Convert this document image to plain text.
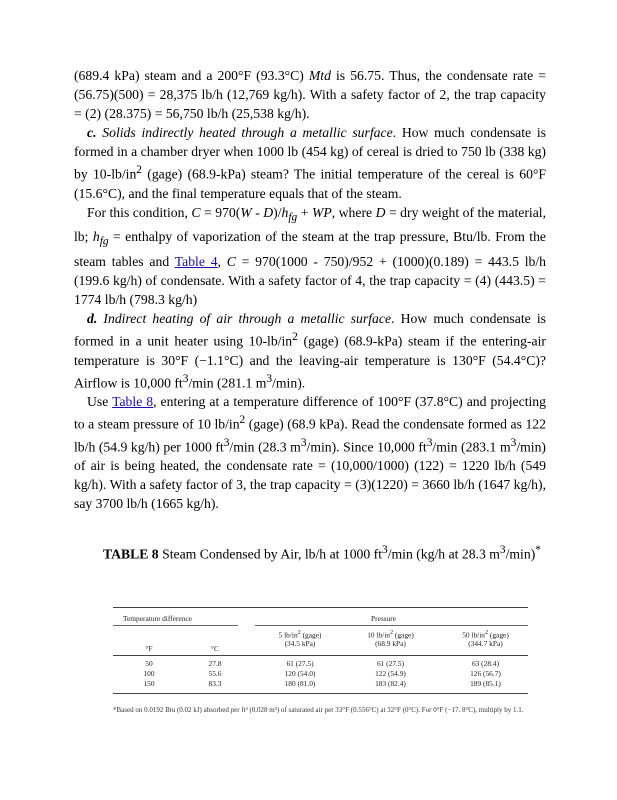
(689.4 kPa) steam and a 200°F (93.3°C) Mtd is 56.75. Thus, the condensate rate = (56.75)(500) = 28,375 lb/h (12,769 kg/h). With a safety factor of 2, the trap capacity = (2) (28.375) = 56,750 lb/h (25,538 kg/h).

c. Solids indirectly heated through a metallic surface. How much condensate is formed in a chamber dryer when 1000 lb (454 kg) of cereal is dried to 750 lb (338 kg) by $10-lb/in^2$ (gage) (68.9-kPa) steam? The initial temperature of the cereal is 60°F (15.6°C), and the final temperature equals that of the steam.

For this condition, $C = 970(W - D)/h_{fg}$ + WP, where D = dry weight of the material, lb; $h_{fg}$ = enthalpy of vaporization of the steam at the trap pressure, Btu/lb. From the steam tables and Table 4, C = 970(1000 - 750)/952 + (1000)(0.189) = 443.5 lb/h (199.6 kg/h) of condensate. With a safety factor of 4, the trap capacity = (4) (443.5) = 1774 lb/h (798.3 kg/h)

d. Indirect heating of air through a metallic surface. How much condensate is formed in a unit heater using $10-lb/in^2$ (gage) (68.9-kPa) steam if the entering-air temperature is 30°F (−1.1°C) and the leaving-air temperature is 130°F (54.4°C)? Airflow is 10,000 $ft^3/\min$ (281.1 $m^3/\min$).

Use Table 8, entering at a temperature difference of 100°F (37.8°C) and projecting to a steam pressure of 10 $lb/in^2$ (gage) (68.9 kPa). Read the condensate formed as 122 lb/h (54.9 kg/h) per 1000 $ft^3/\min$ (28.3 $m^3/\min$). Since 10,000 $ft^3/\min$ (283.1 $m^3/\min$) of air is being heated, the condensate rate = (10,000/1000) (122) = 1220 lb/h (549 kg/h). With a safety factor of 3, the trap capacity = (3)(1220) = 3660 lb/h (1647 kg/h), say 3700 lb/h (1665 kg/h).

TABLE 8 Steam Condensed by Air, lb/h at 1000 $ft^3/\min$ (kg/h at 28.3 $m^3/\min)^*$

Temperature difference	Pressure
5 $lb/in^2$ (gage)
(34.5 kPa)
10 $lb/in^2$ (gage)
(68.9 kPa)
50 $lb/in^2$ (gage)
(344.7 kPa)
°F	°C
50	27.8	61 (27.5)	61 (27.5)	63 (28.4)
100	55.6	120 (54.0)	122 (54.9)	126 (56.7)
150	83.3	180 (81.0)	183 (82.4)	189 (85.1)
*Based on 0.0192 Btu (0.02 kJ) absorbed per ft³ (0.028 m³) of saturated air per 33°F (0.556°C) at 32°F (0°C). For 0°F (−17. 8°C), multiply by 1.1.
